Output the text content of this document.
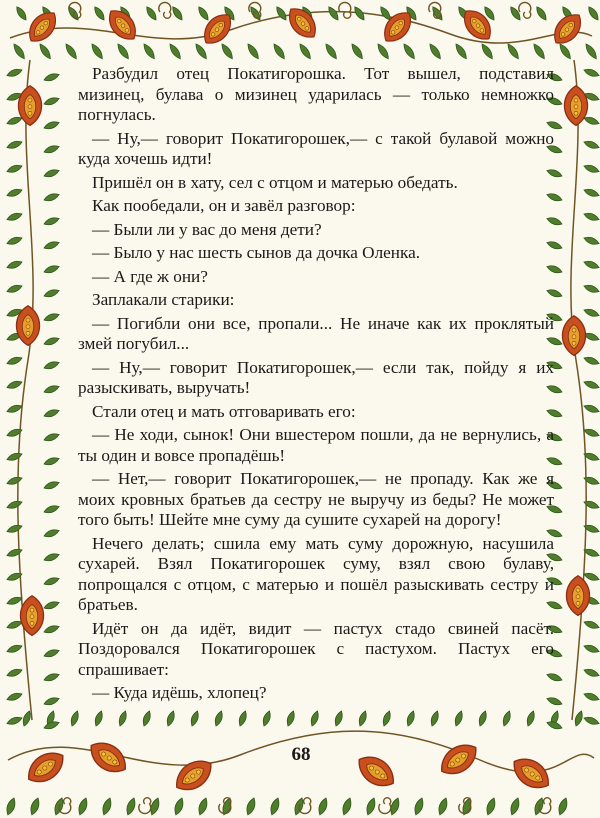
Разбудил отец Покатигорошка. Тот вышел, подставил мизинец, булава о мизинец ударилась — только немножко погнулась.

— Ну,— говорит Покатигорошек,— с такой булавой можно куда хочешь идти!

Пришёл он в хату, сел с отцом и матерью обедать.

Как пообедали, он и завёл разговор:

— Были ли у вас до меня дети?

— Было у нас шесть сынов да дочка Оленка.

— А где ж они?

Заплакали старики:

— Погибли они все, пропали... Не иначе как их проклятый змей погубил...

— Ну,— говорит Покатигорошек,— если так, пойду я их разыскивать, выручать!

Стали отец и мать отговаривать его:

— Не ходи, сынок! Они вшестером пошли, да не вернулись, а ты один и вовсе пропадёшь!

— Нет,— говорит Покатигорошек,— не пропаду. Как же я моих кровных братьев да сестру не выручу из беды? Не может того быть! Шейте мне суму да сушите сухарей на дорогу!

Нечего делать; сшила ему мать суму дорожную, насушила сухарей. Взял Покатигорошек суму, взял свою булаву, попрощался с отцом, с матерью и пошёл разыскивать сестру и братьев.

Идёт он да идёт, видит — пастух стадо свиней пасёт. Поздоровался Покатигорошек с пастухом. Пастух его спрашивает:

— Куда идёшь, хлопец?

68
